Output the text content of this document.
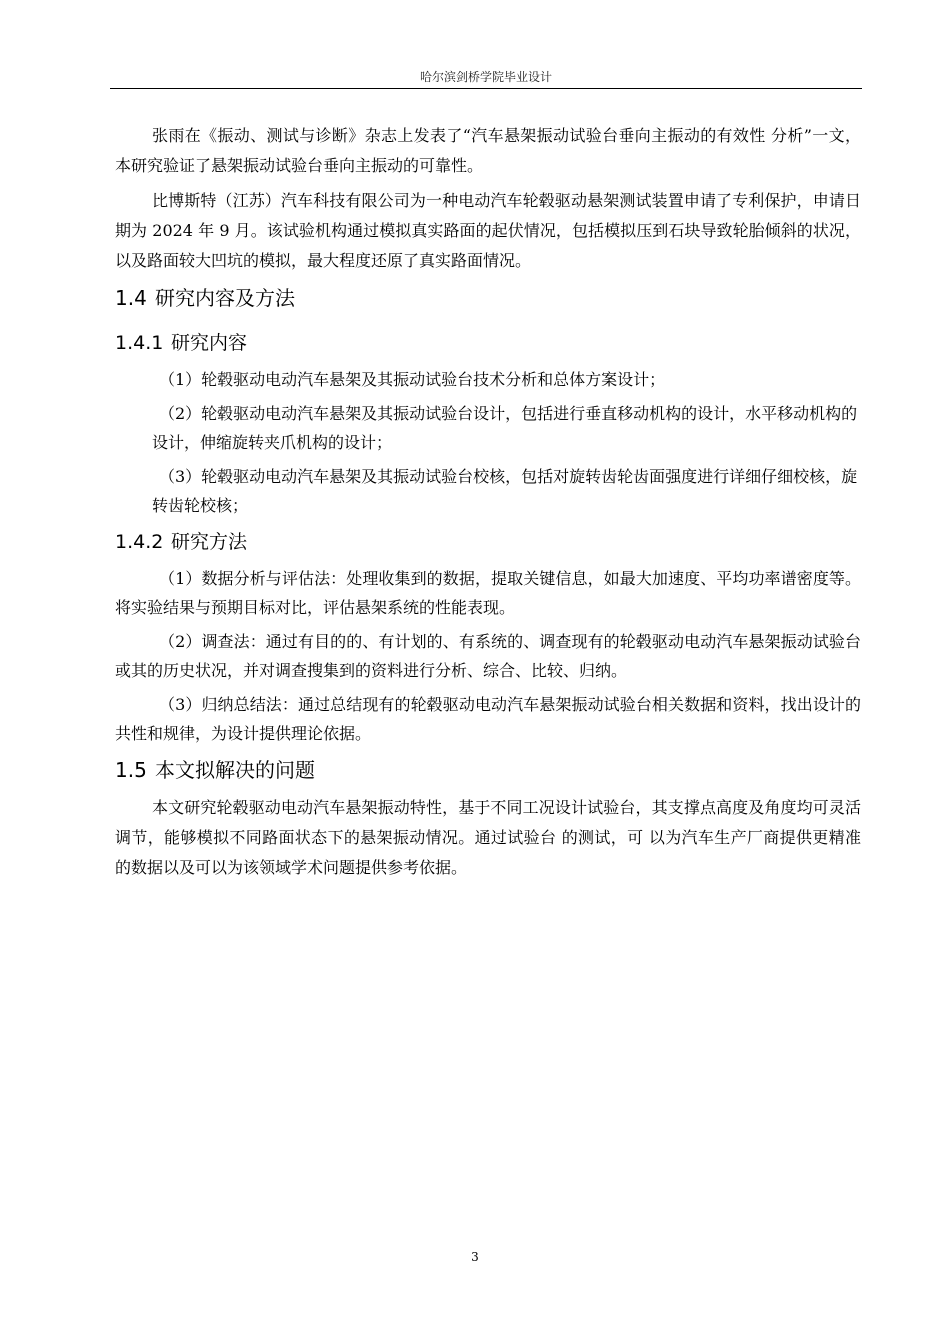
哈尔滨剑桥学院毕业设计

张雨在《振动、测试与诊断》杂志上发表了“汽车悬架振动试验台垂向主振动的有效性 分析”一文，本研究验证了悬架振动试验台垂向主振动的可靠性。

比博斯特（江苏）汽车科技有限公司为一种电动汽车轮毂驱动悬架测试装置申请了专利保护，申请日期为 2024 年 9 月。该试验机构通过模拟真实路面的起伏情况，包括模拟压到石块导致轮胎倾斜的状况，以及路面较大凹坑的模拟，最大程度还原了真实路面情况。

1.4 研究内容及方法
1.4.1 研究内容

（1）轮毂驱动电动汽车悬架及其振动试验台技术分析和总体方案设计；

（2）轮毂驱动电动汽车悬架及其振动试验台设计，包括进行垂直移动机构的设计，水平移动机构的设计，伸缩旋转夹爪机构的设计；

（3）轮毂驱动电动汽车悬架及其振动试验台校核，包括对旋转齿轮齿面强度进行详细仔细校核，旋转齿轮校核；

1.4.2 研究方法

（1）数据分析与评估法：处理收集到的数据，提取关键信息，如最大加速度、平均功率谱密度等。 将实验结果与预期目标对比，评估悬架系统的性能表现。

（2）调查法：通过有目的的、有计划的、有系统的、调查现有的轮毂驱动电动汽车悬架振动试验台或其的历史状况，并对调查搜集到的资料进行分析、综合、比较、归纳。

（3）归纳总结法：通过总结现有的轮毂驱动电动汽车悬架振动试验台相关数据和资料，找出设计的共性和规律，为设计提供理论依据。

1.5 本文拟解决的问题

本文研究轮毂驱动电动汽车悬架振动特性，基于不同工况设计试验台，其支撑点高度及角度均可灵活调节，能够模拟不同路面状态下的悬架振动情况。通过试验台 的测试，可 以为汽车生产厂商提供更精准的数据以及可以为该领域学术问题提供参考依据。

3
